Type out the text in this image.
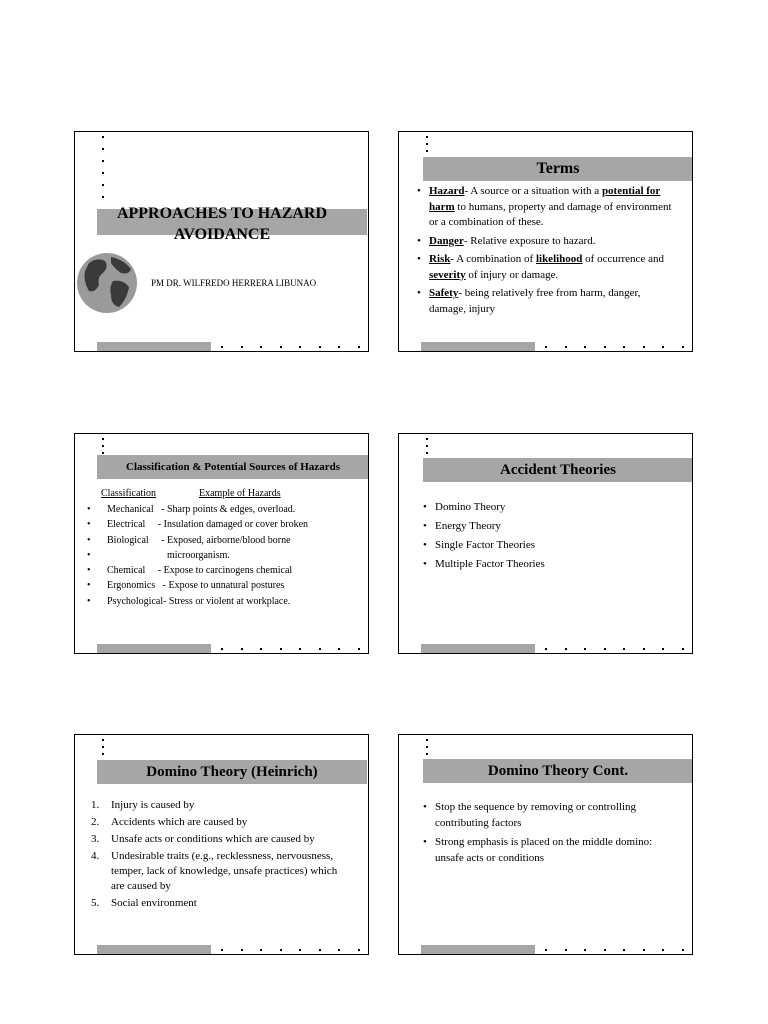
APPROACHES TO HAZARD
AVOIDANCE
PM DR. WILFREDO HERRERA LIBUNAO
Terms
• Hazard- A source or a situation with a potential for harm to humans, property and damage of environment or a combination of these.
• Danger- Relative exposure to hazard.
• Risk- A combination of likelihood of occurrence and severity of injury or damage.
• Safety- being relatively free from harm, danger, damage, injury
Classification & Potential Sources of Hazards
Classification	Example of Hazards
• Mechanical   - Sharp points & edges, overload.
• Electrical     - Insulation damaged or cover broken
• Biological     - Exposed, airborne/blood borne
•                         microorganism.
• Chemical     - Expose to carcinogens chemical
• Ergonomics   - Expose to unnatural postures
• Psychological- Stress or violent at workplace.
Accident Theories
• Domino Theory
• Energy Theory
• Single Factor Theories
• Multiple Factor Theories
Domino Theory (Heinrich)
1. Injury is caused by
2. Accidents which are caused by
3. Unsafe acts or conditions which are caused by
4. Undesirable traits (e.g., recklessness, nervousness, temper, lack of knowledge, unsafe practices) which are caused by
5. Social environment
Domino Theory Cont.
• Stop the sequence by removing or controlling contributing factors
• Strong emphasis is placed on the middle domino: unsafe acts or conditions
